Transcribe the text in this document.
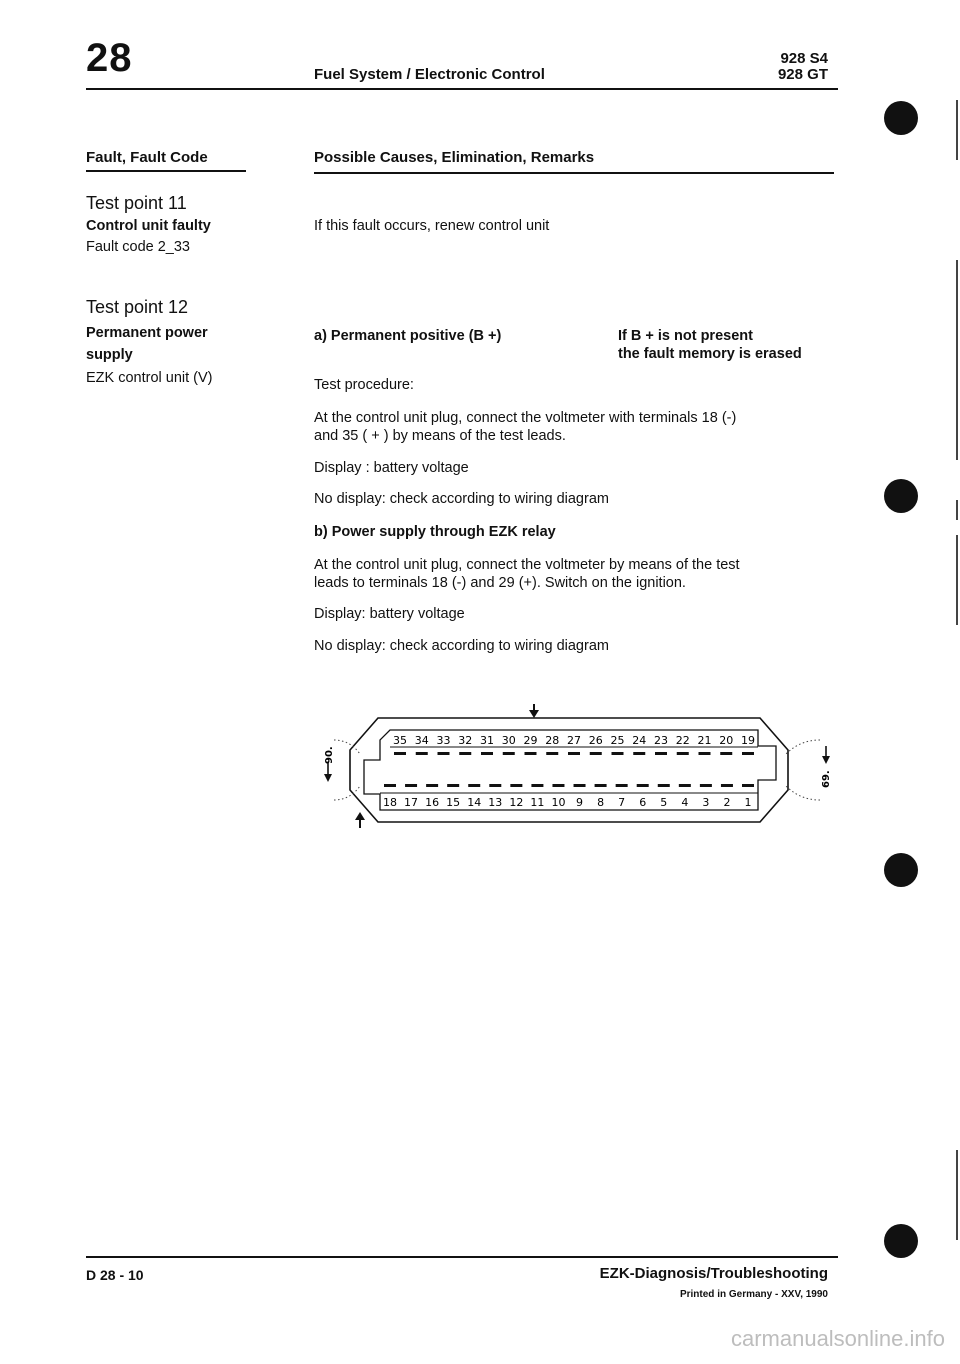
28	Fuel System / Electronic Control
928 S4
928 GT
Fault, Fault Code	Possible Causes, Elimination, Remarks
Test point 11
Control unit faulty
Fault code 2_33
If this fault occurs, renew control unit
Test point 12
Permanent power
supply
EZK control unit (V)
a) Permanent positive (B +)	If B + is not present
the fault memory is erased
Test procedure:
At the control unit plug, connect the voltmeter with terminals 18 (-)
and 35 ( + ) by means of the test leads.
Display : battery voltage
No display: check according to wiring diagram
b) Power supply through EZK relay
At the control unit plug, connect the voltmeter by means of the test
leads to terminals 18 (-) and 29 (+). Switch on the ignition.
Display: battery voltage
No display: check according to wiring diagram
35 34 33 32 31 30 29 28 27 26 25 24 23 22 21 20 19
18 17 16 15 14 13 12 11 10 9 8 7 6 5 4 3 2 1
90.
69.
D 28 - 10	EZK-Diagnosis/Troubleshooting
Printed in Germany - XXV, 1990
carmanualsonline.info
